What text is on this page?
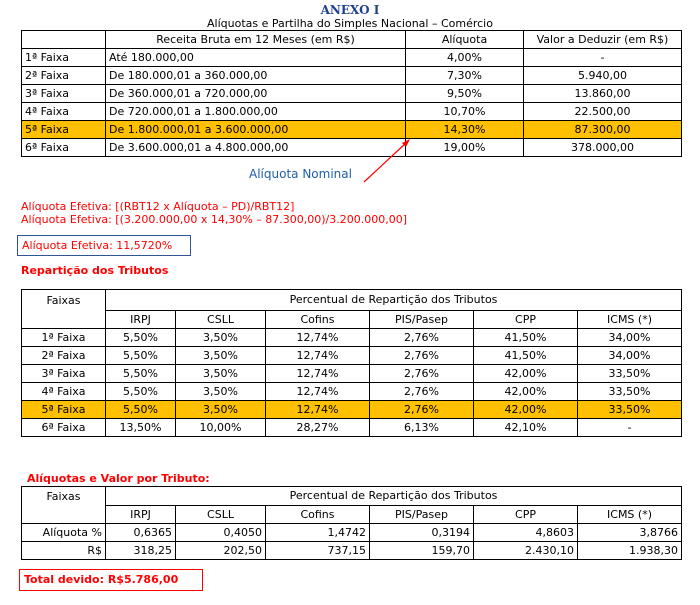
ANEXO I
Alíquotas e Partilha do Simples Nacional – Comércio
	Receita Bruta em 12 Meses (em R$)	Alíquota	Valor a Deduzir (em R$)
1ª Faixa	Até 180.000,00	4,00%	-
2ª Faixa	De 180.000,01 a 360.000,00	7,30%	5.940,00
3ª Faixa	De 360.000,01 a 720.000,00	9,50%	13.860,00
4ª Faixa	De 720.000,01 a 1.800.000,00	10,70%	22.500,00
5ª Faixa	De 1.800.000,01 a 3.600.000,00	14,30%	87.300,00
6ª Faixa	De 3.600.000,01 a 4.800.000,00	19,00%	378.000,00
Alíquota Nominal
Alíquota Efetiva: [(RBT12 x Alíquota – PD)/RBT12]
Alíquota Efetiva: [(3.200.000,00 x 14,30% – 87.300,00)/3.200.000,00]
Alíquota Efetiva: 11,5720%
Repartição dos Tributos
Faixas	Percentual de Repartição dos Tributos					
	IRPJ	CSLL	Cofins	PIS/Pasep	CPP	ICMS (*)
1ª Faixa	5,50%	3,50%	12,74%	2,76%	41,50%	34,00%
2ª Faixa	5,50%	3,50%	12,74%	2,76%	41,50%	34,00%
3ª Faixa	5,50%	3,50%	12,74%	2,76%	42,00%	33,50%
4ª Faixa	5,50%	3,50%	12,74%	2,76%	42,00%	33,50%
5ª Faixa	5,50%	3,50%	12,74%	2,76%	42,00%	33,50%
6ª Faixa	13,50%	10,00%	28,27%	6,13%	42,10%	-
Alíquotas e Valor por Tributo:
Faixas	Percentual de Repartição dos Tributos					
	IRPJ	CSLL	Cofins	PIS/Pasep	CPP	ICMS (*)
Alíquota %	0,6365	0,4050	1,4742	0,3194	4,8603	3,8766
R$	318,25	202,50	737,15	159,70	2.430,10	1.938,30
Total devido: R$5.786,00
